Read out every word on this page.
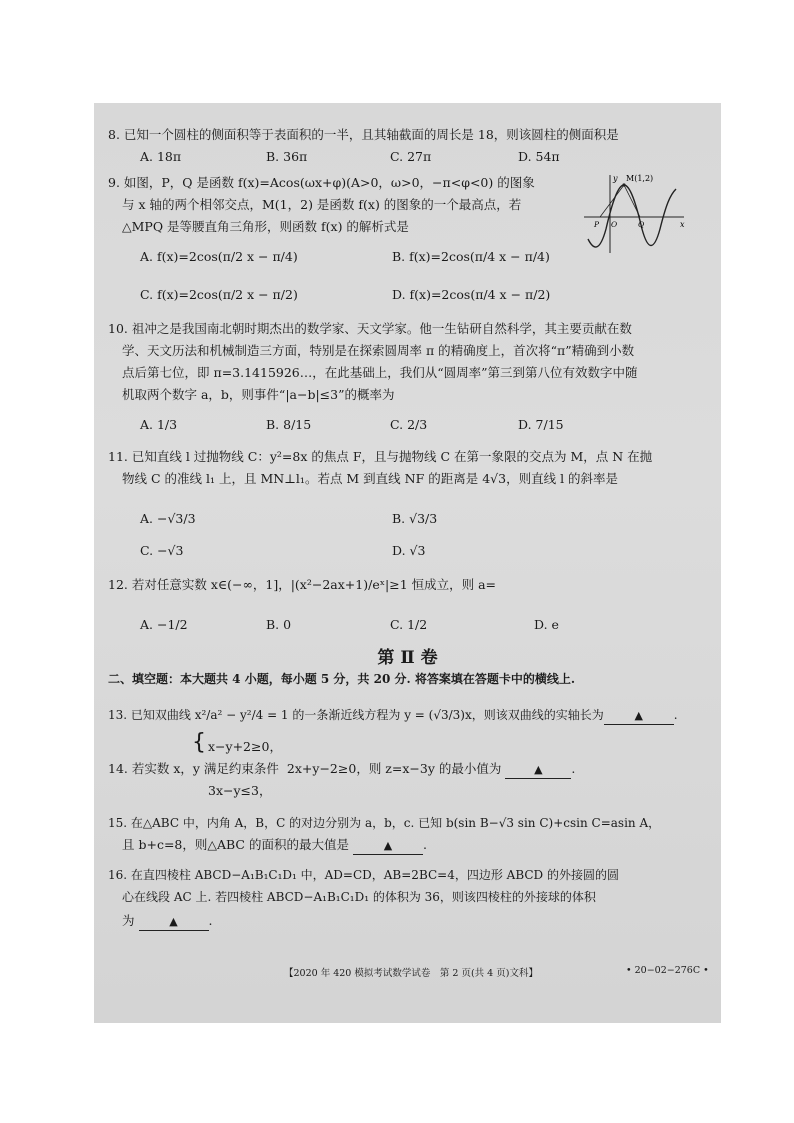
8. 已知一个圆柱的侧面积等于表面积的一半，且其轴截面的周长是 18，则该圆柱的侧面积是
A. 18π	B. 36π	C. 27π	D. 54π
9. 如图，P，Q 是函数 f(x)=Acos(ωx+φ)(A>0，ω>0，−π<φ<0) 的图象
与 x 轴的两个相邻交点，M(1，2) 是函数 f(x) 的图象的一个最高点，若
△MPQ 是等腰直角三角形，则函数 f(x) 的解析式是
M(1,2)
x
y
P O	Q
A. f(x)=2cos(π/2 x − π/4)	B. f(x)=2cos(π/4 x − π/4)
C. f(x)=2cos(π/2 x − π/2)	D. f(x)=2cos(π/4 x − π/2)
10. 祖冲之是我国南北朝时期杰出的数学家、天文学家。他一生钻研自然科学，其主要贡献在数
学、天文历法和机械制造三方面，特别是在探索圆周率 π 的精确度上，首次将“π”精确到小数
点后第七位，即 π=3.1415926…，在此基础上，我们从“圆周率”第三到第八位有效数字中随
机取两个数字 a，b，则事件“|a−b|≤3”的概率为
A. 1/3	B. 8/15	C. 2/3	D. 7/15
11. 已知直线 l 过抛物线 C：y²=8x 的焦点 F，且与抛物线 C 在第一象限的交点为 M，点 N 在抛
物线 C 的准线 l₁ 上，且 MN⊥l₁。若点 M 到直线 NF 的距离是 4√3，则直线 l 的斜率是
A. −√3/3	B. √3/3
C. −√3	D. √3
12. 若对任意实数 x∈(−∞，1]，|(x²−2ax+1)/eˣ|≥1 恒成立，则 a=
A. −1/2	B. 0	C. 1/2	D. e
第 Ⅱ 卷
二、填空题：本大题共 4 小题，每小题 5 分，共 20 分. 将答案填在答题卡中的横线上.
13. 已知双曲线 x²/a² − y²/4 = 1 的一条渐近线方程为 y = (√3/3)x，则该双曲线的实轴长为	▲	.
{ x−y+2≥0，
14. 若实数 x，y 满足约束条件 2x+y−2≥0，则 z=x−3y 的最小值为	▲ .
3x−y≤3，
15. 在△ABC 中，内角 A，B，C 的对边分别为 a，b，c. 已知 b(sin B−√3 sin C)+csin C=asin A，
且 b+c=8，则△ABC 的面积的最大值是	▲ .
16. 在直四棱柱 ABCD−A₁B₁C₁D₁ 中，AD=CD，AB=2BC=4，四边形 ABCD 的外接圆的圆
心在线段 AC 上. 若四棱柱 ABCD−A₁B₁C₁D₁ 的体积为 36，则该四棱柱的外接球的体积
为	▲ .
【2020 年 420 模拟考试数学试卷　第 2 页(共 4 页)文科】	• 20−02−276C •
